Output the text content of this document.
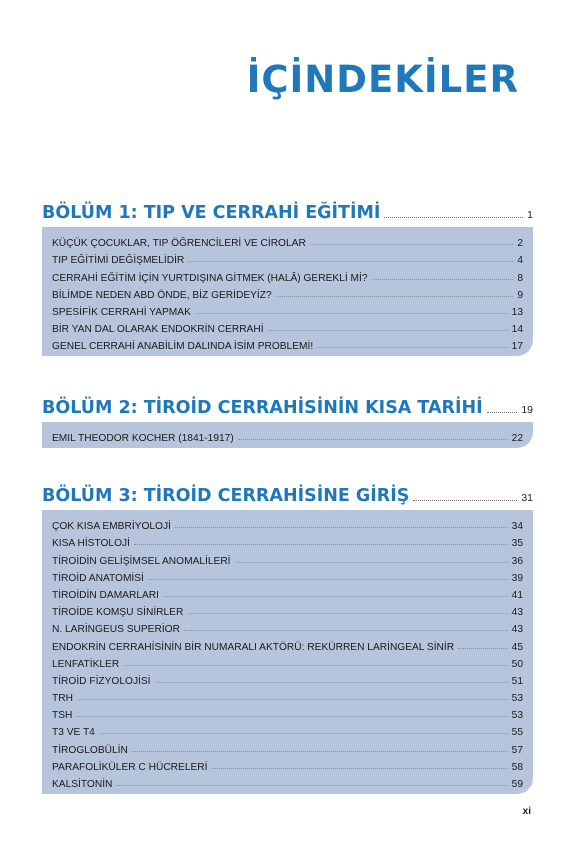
İÇİNDEKİLER
BÖLÜM 1: TIP VE CERRAHİ EĞİTİMİ	1
KÜÇÜK ÇOCUKLAR, TIP ÖĞRENCİLERİ VE CİROLAR	2
TIP EĞİTİMİ DEĞİŞMELİDİR	4
CERRAHİ EĞİTİM İÇİN YURTDIŞINA GİTMEK (HALÂ) GEREKLİ Mİ?	8
BİLİMDE NEDEN ABD ÖNDE, BİZ GERİDEYİZ?	9
SPESİFİK CERRAHİ YAPMAK	13
BİR YAN DAL OLARAK ENDOKRİN CERRAHİ	14
GENEL CERRAHİ ANABİLİM DALINDA İSİM PROBLEMİ!	17
BÖLÜM 2: TİROİD CERRAHİSİNİN KISA TARİHİ	19
EMIL THEODOR KOCHER (1841-1917)	22
BÖLÜM 3: TİROİD CERRAHİSİNE GİRİŞ	31
ÇOK KISA EMBRİYOLOJİ	34
KISA HİSTOLOJİ	35
TİROİDİN GELİŞİMSEL ANOMALİLERİ	36
TİROİD ANATOMİSİ	39
TİROİDİN DAMARLARI	41
TİROİDE KOMŞU SİNİRLER	43
N. LARİNGEUS SUPERİOR	43
ENDOKRİN CERRAHİSİNİN BİR NUMARALI AKTÖRÜ: REKÜRREN LARİNGEAL SİNİR	45
LENFATİKLER	50
TİROİD FİZYOLOJİSİ	51
TRH	53
TSH	53
T3 VE T4	55
TİROGLOBÜLİN	57
PARAFOLİKÜLER C HÜCRELERİ	58
KALSİTONİN	59
xi
